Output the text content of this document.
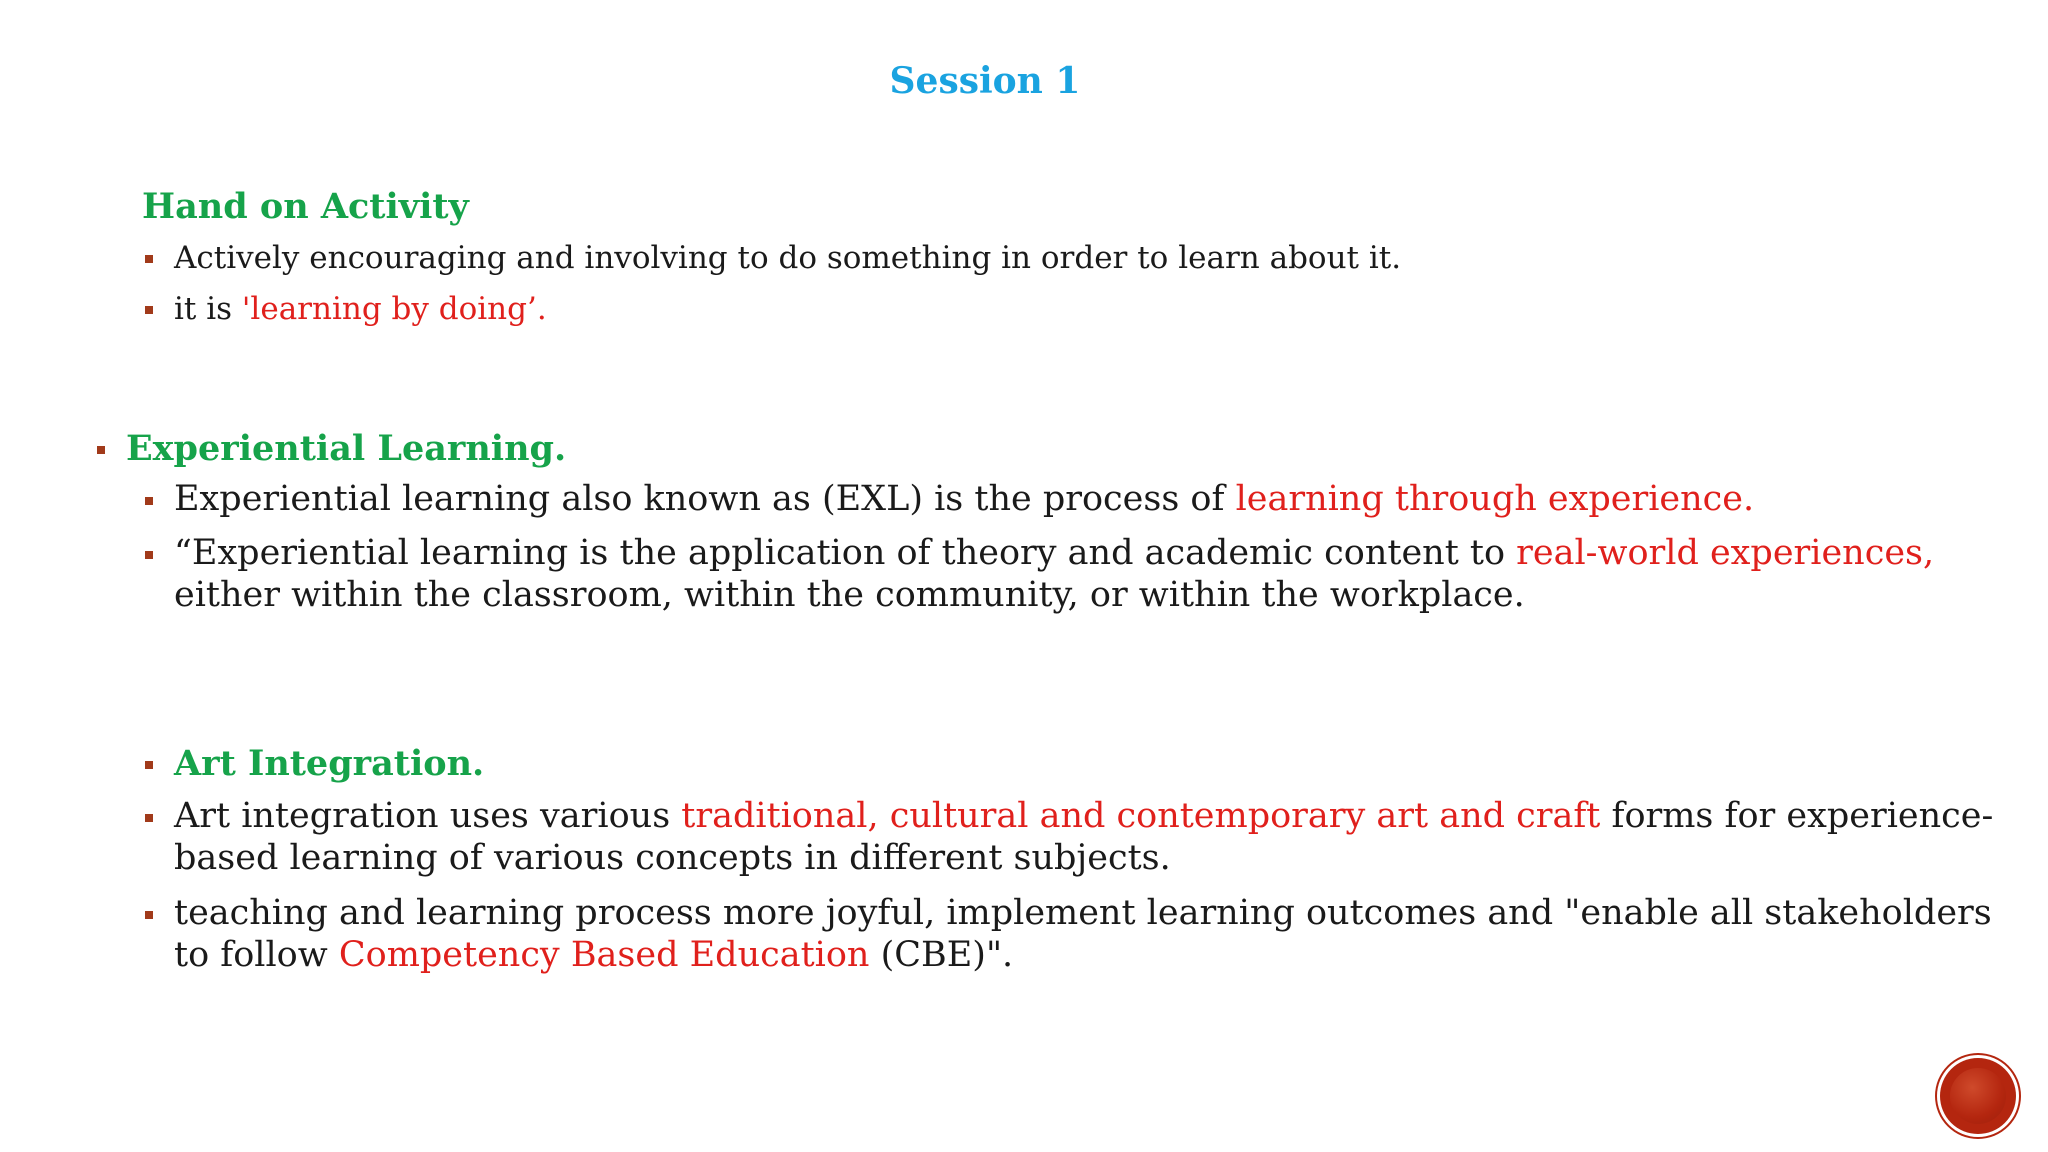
Session 1
Hand on Activity
Actively encouraging and involving to do something in order to learn about it.
it is 'learning by doing’.
Experiential Learning.
Experiential learning also known as (EXL) is the process of learning through experience.
“Experiential learning is the application of theory and academic content to real-world experiences,
either within the classroom, within the community, or within the workplace.
Art Integration.
Art integration uses various traditional, cultural and contemporary art and craft forms for experience-
based learning of various concepts in different subjects.
teaching and learning process more joyful, implement learning outcomes and "enable all stakeholders
to follow Competency Based Education (CBE)".
